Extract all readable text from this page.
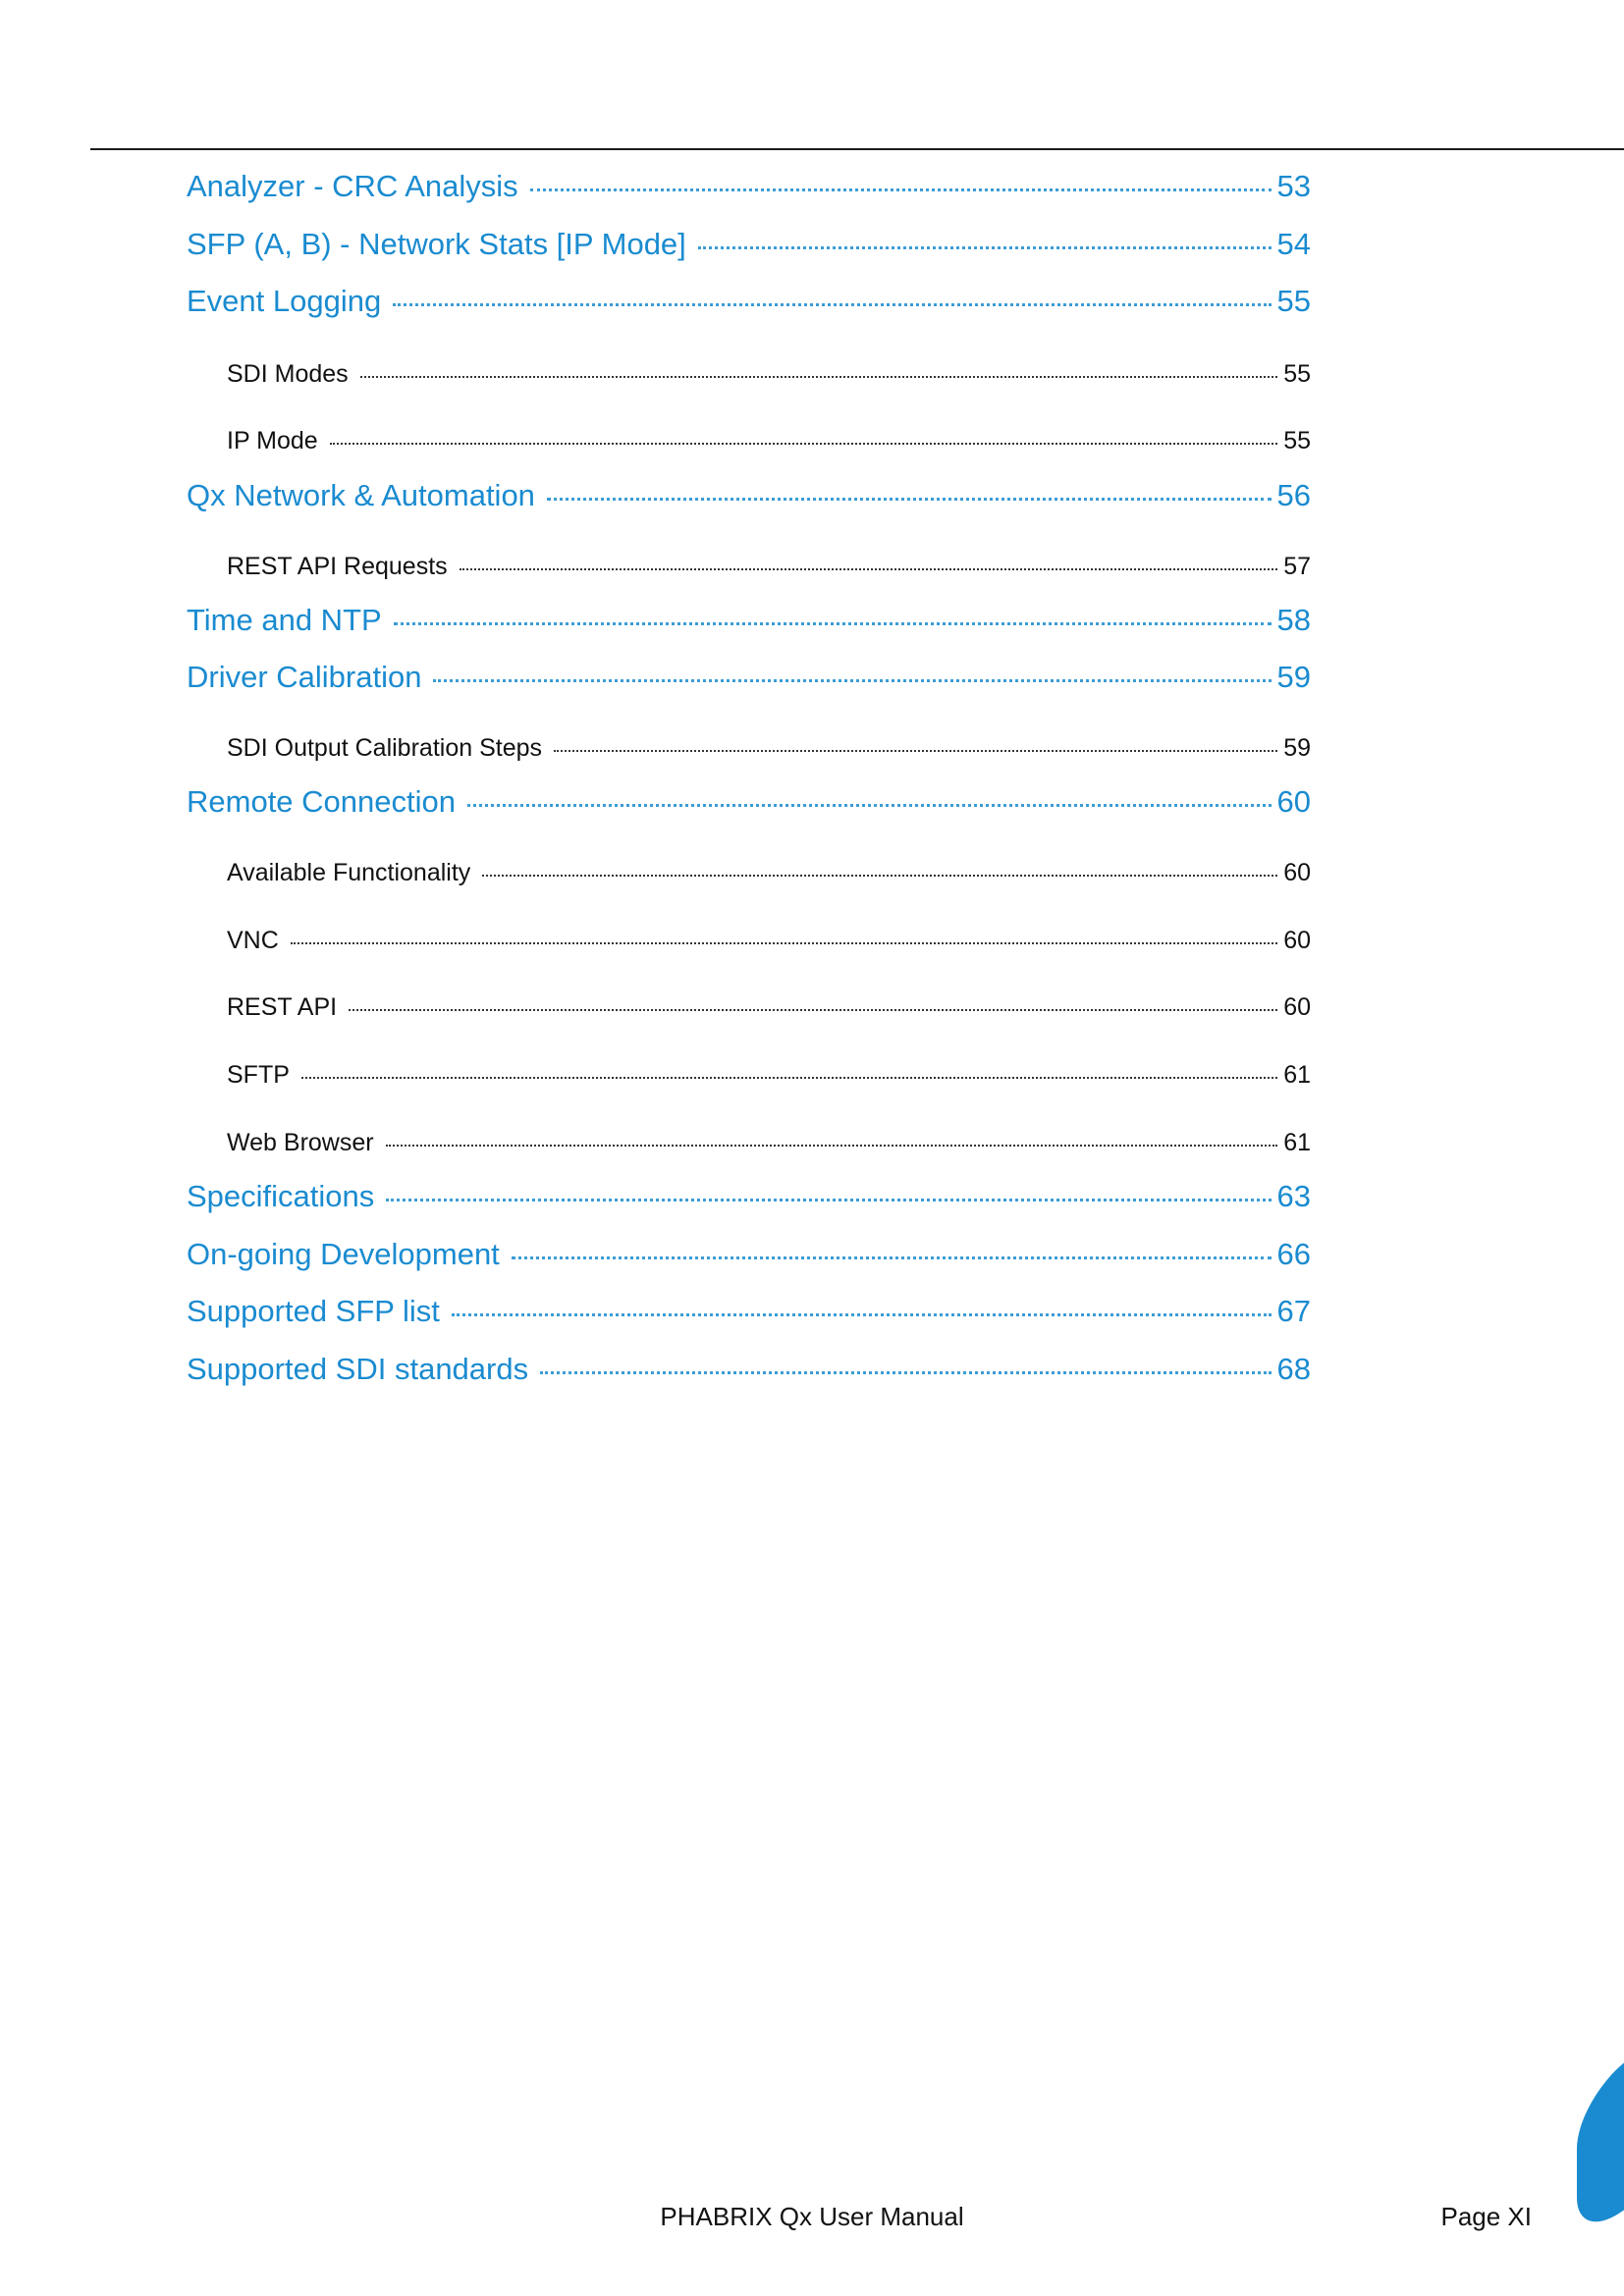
Analyzer - CRC Analysis	53
SFP (A, B) - Network Stats [IP Mode]	54
Event Logging	55
SDI Modes	55
IP Mode	55
Qx Network & Automation	56
REST API Requests	57
Time and NTP	58
Driver Calibration	59
SDI Output Calibration Steps	59
Remote Connection	60
Available Functionality	60
VNC	60
REST API	60
SFTP	61
Web Browser	61
Specifications	63
On-going Development	66
Supported SFP list	67
Supported SDI standards	68
PHABRIX Qx User Manual	Page XI
